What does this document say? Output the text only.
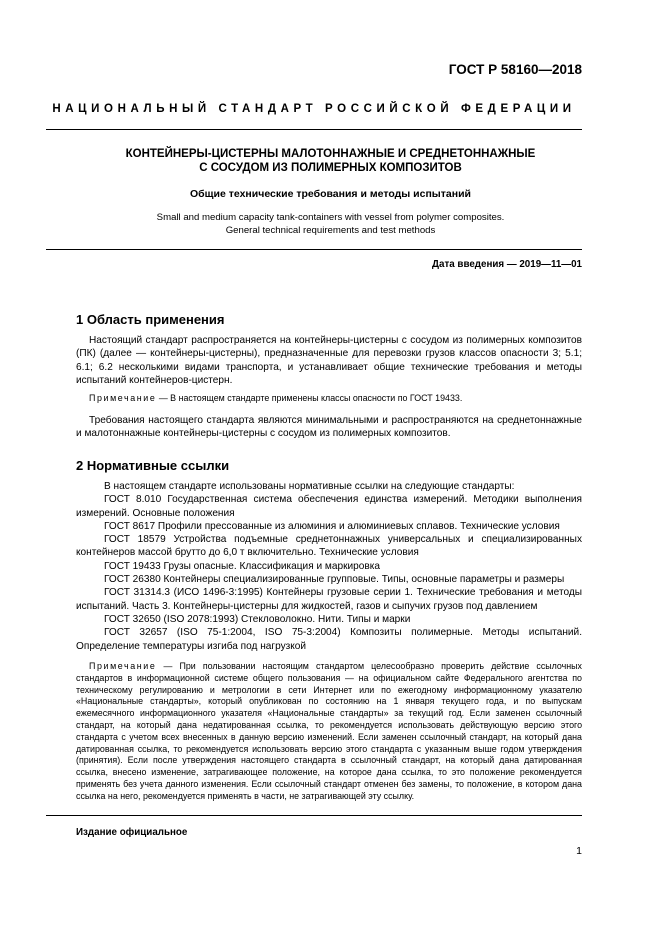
ГОСТ Р 58160—2018
НАЦИОНАЛЬНЫЙ СТАНДАРТ РОССИЙСКОЙ ФЕДЕРАЦИИ
КОНТЕЙНЕРЫ-ЦИСТЕРНЫ МАЛОТОННАЖНЫЕ И СРЕДНЕТОННАЖНЫЕ
С СОСУДОМ ИЗ ПОЛИМЕРНЫХ КОМПОЗИТОВ
Общие технические требования и методы испытаний
Small and medium capacity tank-containers with vessel from polymer composites.
General technical requirements and test methods
Дата введения — 2019—11—01
1 Область применения
Настоящий стандарт распространяется на контейнеры-цистерны с сосудом из полимерных композитов (ПК) (далее — контейнеры-цистерны), предназначенные для перевозки грузов классов опасности 3; 5.1; 6.1; 6.2 несколькими видами транспорта, и устанавливает общие технические требования и методы испытаний контейнеров-цистерн.
Примечание — В настоящем стандарте применены классы опасности по ГОСТ 19433.
Требования настоящего стандарта являются минимальными и распространяются на среднетоннажные и малотоннажные контейнеры-цистерны с сосудом из полимерных композитов.
2 Нормативные ссылки
В настоящем стандарте использованы нормативные ссылки на следующие стандарты:
ГОСТ 8.010 Государственная система обеспечения единства измерений. Методики выполнения измерений. Основные положения
ГОСТ 8617 Профили прессованные из алюминия и алюминиевых сплавов. Технические условия
ГОСТ 18579 Устройства подъемные среднетоннажных универсальных и специализированных контейнеров массой брутто до 6,0 т включительно. Технические условия
ГОСТ 19433 Грузы опасные. Классификация и маркировка
ГОСТ 26380 Контейнеры специализированные групповые. Типы, основные параметры и размеры
ГОСТ 31314.3 (ИСО 1496-3:1995) Контейнеры грузовые серии 1. Технические требования и методы испытаний. Часть 3. Контейнеры-цистерны для жидкостей, газов и сыпучих грузов под давлением
ГОСТ 32650 (ISO 2078:1993) Стекловолокно. Нити. Типы и марки
ГОСТ 32657 (ISO 75-1:2004, ISO 75-3:2004) Композиты полимерные. Методы испытаний. Определение температуры изгиба под нагрузкой
Примечание — При пользовании настоящим стандартом целесообразно проверить действие ссылочных стандартов в информационной системе общего пользования — на официальном сайте Федерального агентства по техническому регулированию и метрологии в сети Интернет или по ежегодному информационному указателю «Национальные стандарты», который опубликован по состоянию на 1 января текущего года, и по выпускам ежемесячного информационного указателя «Национальные стандарты» за текущий год. Если заменен ссылочный стандарт, на который дана недатированная ссылка, то рекомендуется использовать действующую версию этого стандарта с учетом всех внесенных в данную версию изменений. Если заменен ссылочный стандарт, на который дана датированная ссылка, то рекомендуется использовать версию этого стандарта с указанным выше годом утверждения (принятия). Если после утверждения настоящего стандарта в ссылочный стандарт, на который дана датированная ссылка, внесено изменение, затрагивающее положение, на которое дана ссылка, то это положение рекомендуется применять без учета данного изменения. Если ссылочный стандарт отменен без замены, то положение, в котором дана ссылка на него, рекомендуется применять в части, не затрагивающей эту ссылку.
Издание официальное
1
